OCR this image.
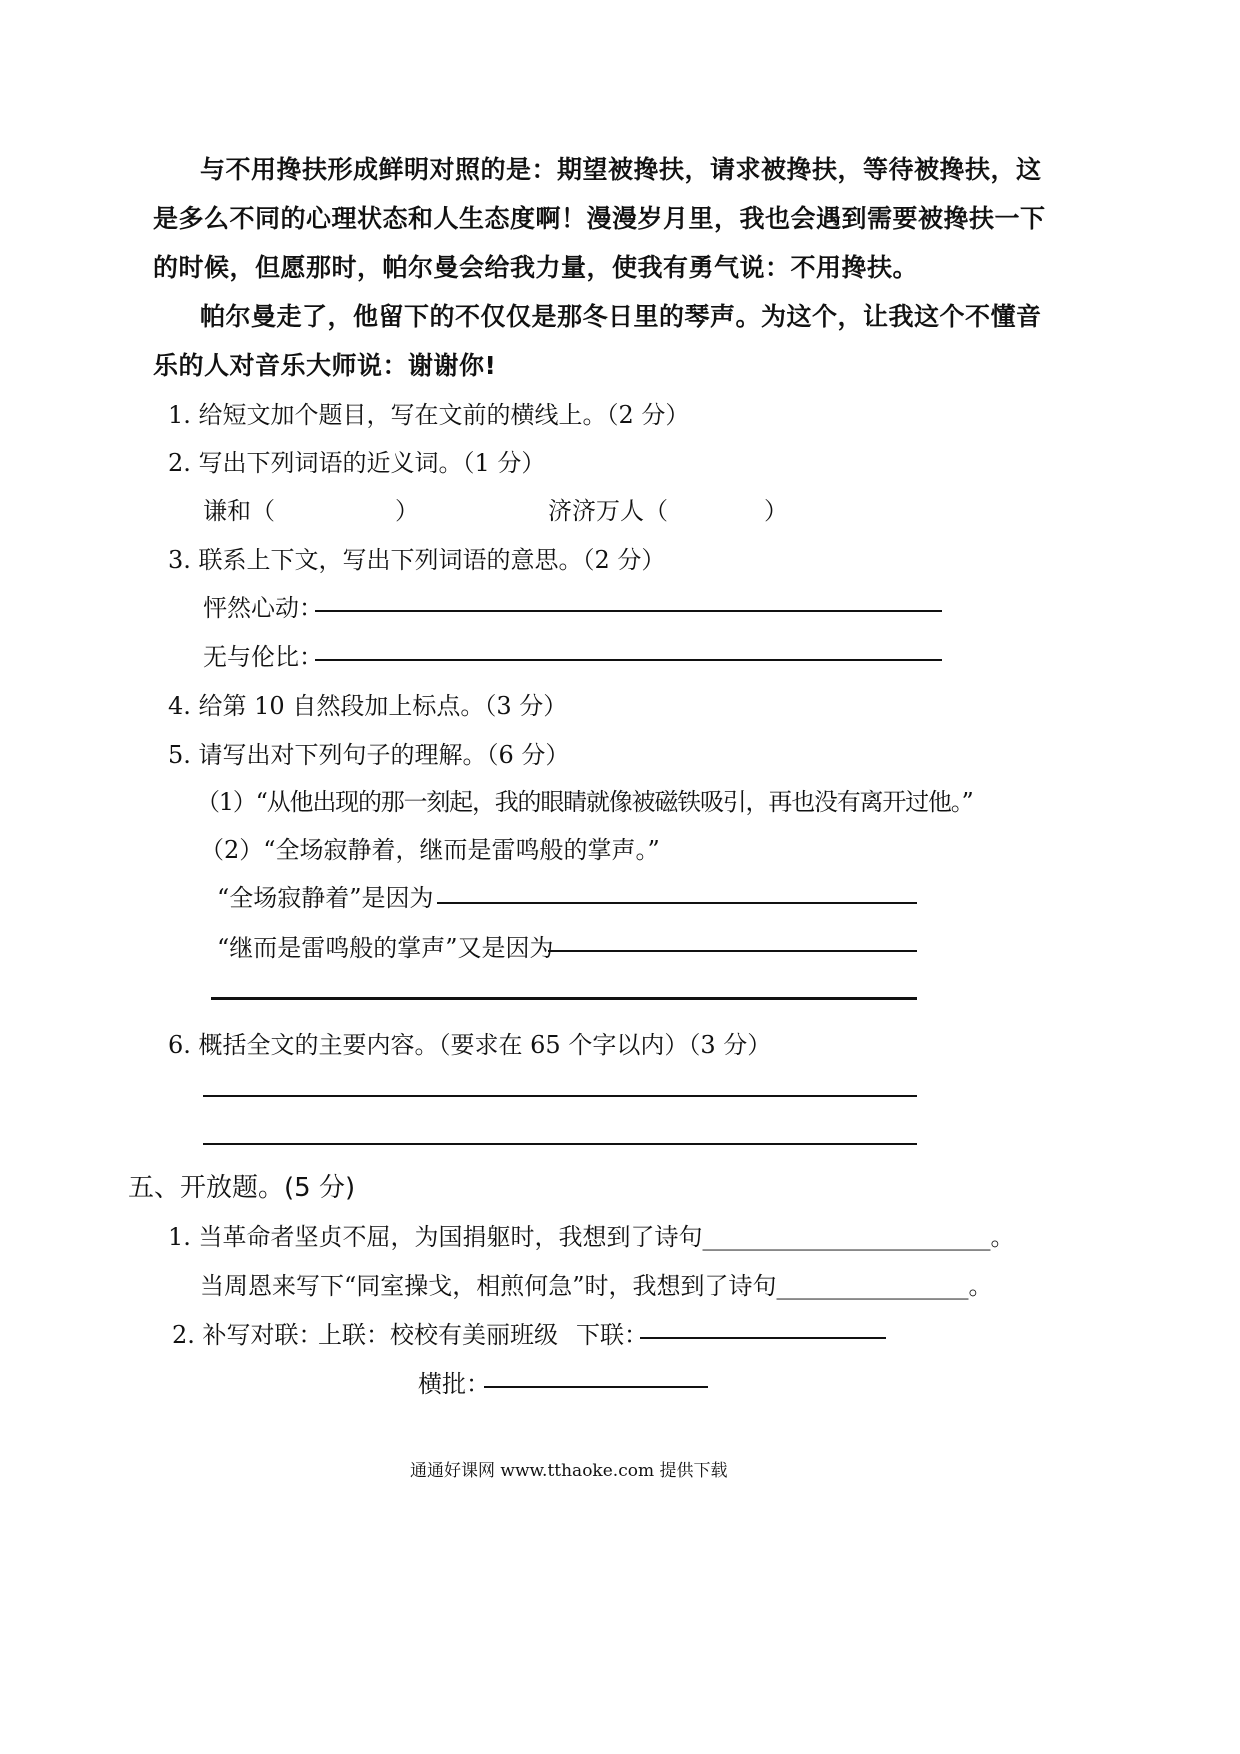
与不用搀扶形成鲜明对照的是：期望被搀扶，请求被搀扶，等待被搀扶，这
是多么不同的心理状态和人生态度啊！漫漫岁月里，我也会遇到需要被搀扶一下
的时候，但愿那时，帕尔曼会给我力量，使我有勇气说：不用搀扶。
帕尔曼走了，他留下的不仅仅是那冬日里的琴声。为这个，让我这个不懂音
乐的人对音乐大师说：谢谢你!
1. 给短文加个题目，写在文前的横线上。（2 分）
2. 写出下列词语的近义词。（1 分）
谦和（　　　　　）	济济万人（　　　　）
3. 联系上下文，写出下列词语的意思。（2 分）
怦然心动：
无与伦比：
4. 给第 10 自然段加上标点。（3 分）
5. 请写出对下列句子的理解。（6 分）
（1）“从他出现的那一刻起，我的眼睛就像被磁铁吸引，再也没有离开过他。”
（2）“全场寂静着，继而是雷鸣般的掌声。”
“全场寂静着”是因为
“继而是雷鸣般的掌声”又是因为
6. 概括全文的主要内容。（要求在 65 个字以内）（3 分）
五、开放题。(5 分)
1. 当革命者坚贞不屈，为国捐躯时，我想到了诗句________________________。
当周恩来写下“同室操戈，相煎何急”时，我想到了诗句________________。
2. 补写对联：
上联：校校有美丽班级 下联：
横批：
通通好课网 www.tthaoke.com 提供下载
